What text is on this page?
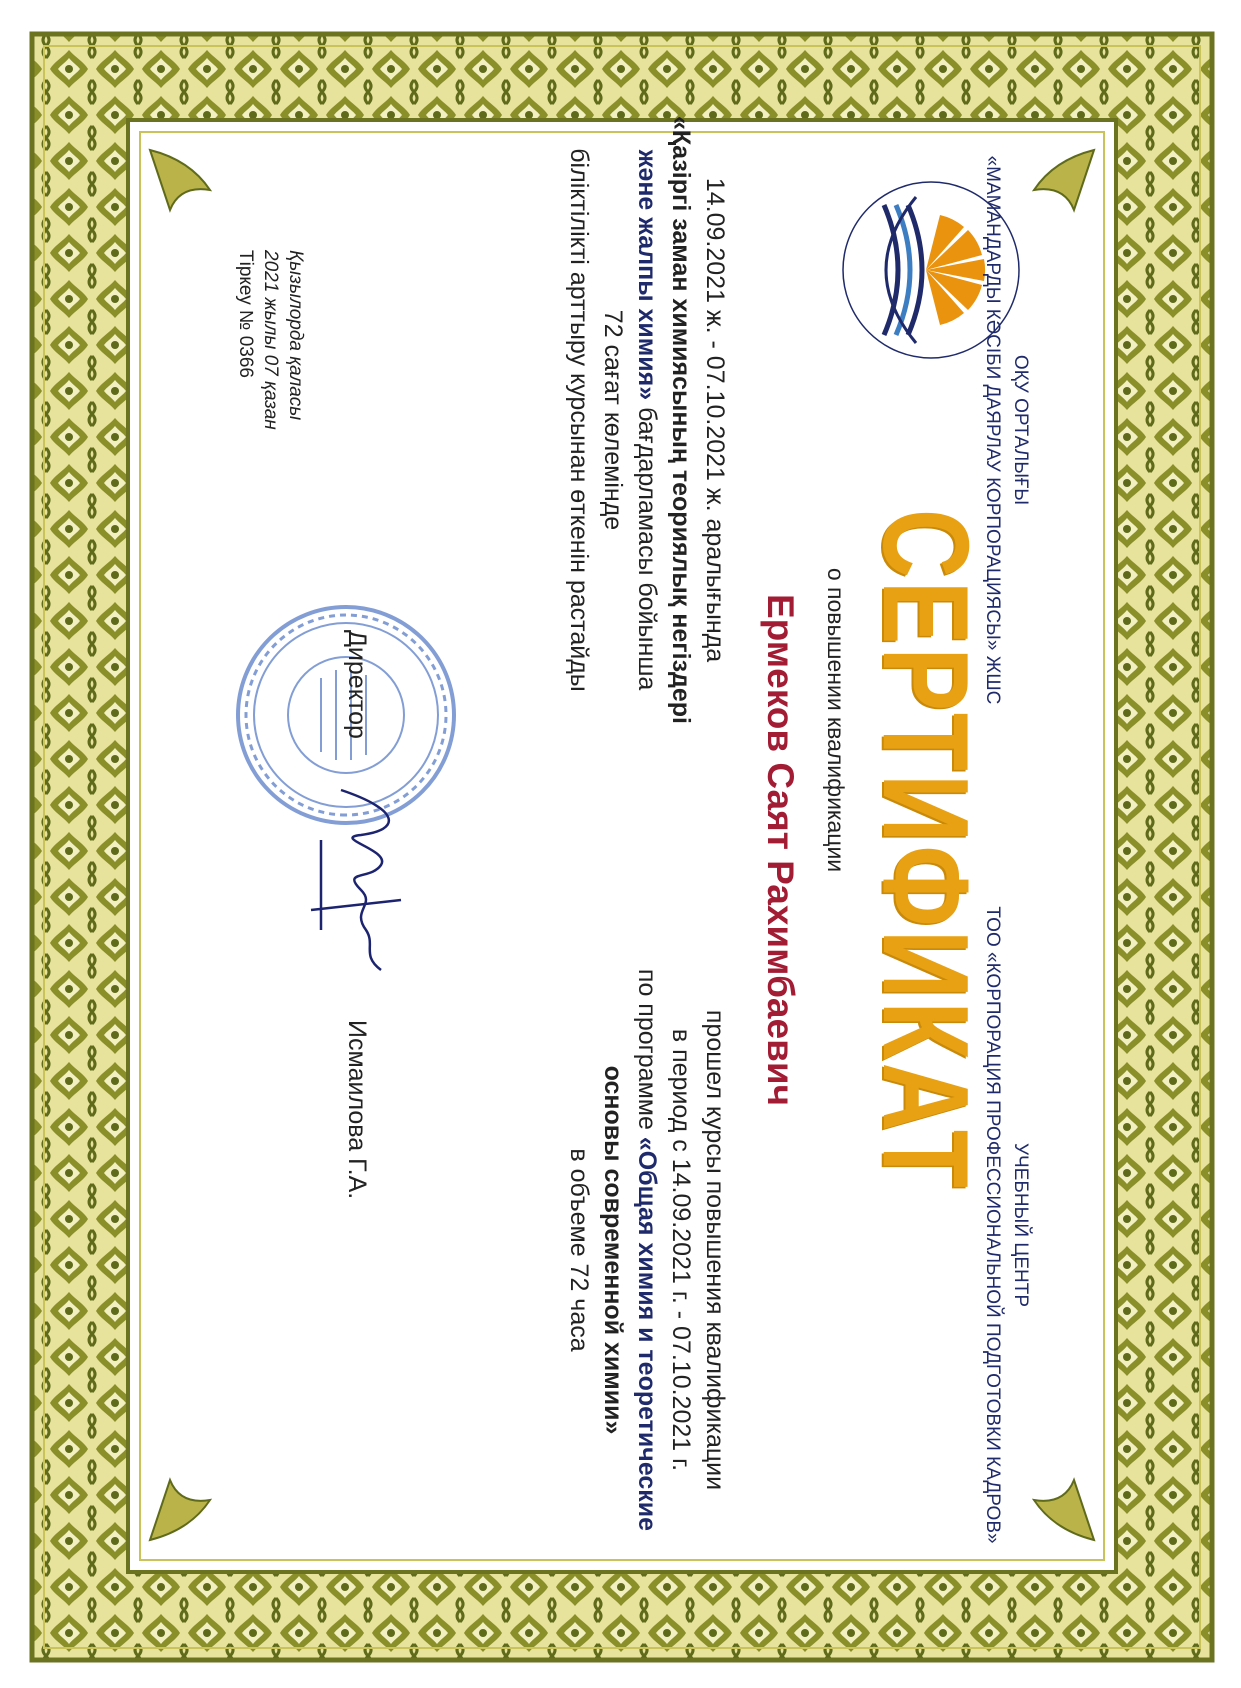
ОҚУ ОРТАЛЫҒЫ
«МАМАНДАРДЫ КӘСІБИ ДАЯРЛАУ КОРПОРАЦИЯСЫ» ЖШС
УЧЕБНЫЙ ЦЕНТР
ТОО «КОРПОРАЦИЯ ПРОФЕССИОНАЛЬНОЙ ПОДГОТОВКИ КАДРОВ»
СЕРТИФИКАТ
о повышении квалификации
Ермеков Саят Рахимбаевич
14.09.2021 ж. - 07.10.2021 ж. аралығында
«Қазіргі заман химиясының теориялық негіздері
және жалпы химия» бағдарламасы бойынша
72 сағат көлемінде
біліктілікті арттыру курсынан өткенін растайды
прошел курсы повышения квалификации
в период с 14.09.2021 г. - 07.10.2021 г.
по программе «Общая химия и теоретические
основы современной химии»
в объеме 72 часа
Директор
Исмаилова Г.А.
Қызылорда қаласы
2021 жылы 07 қазан
Тіркеу № 0366
